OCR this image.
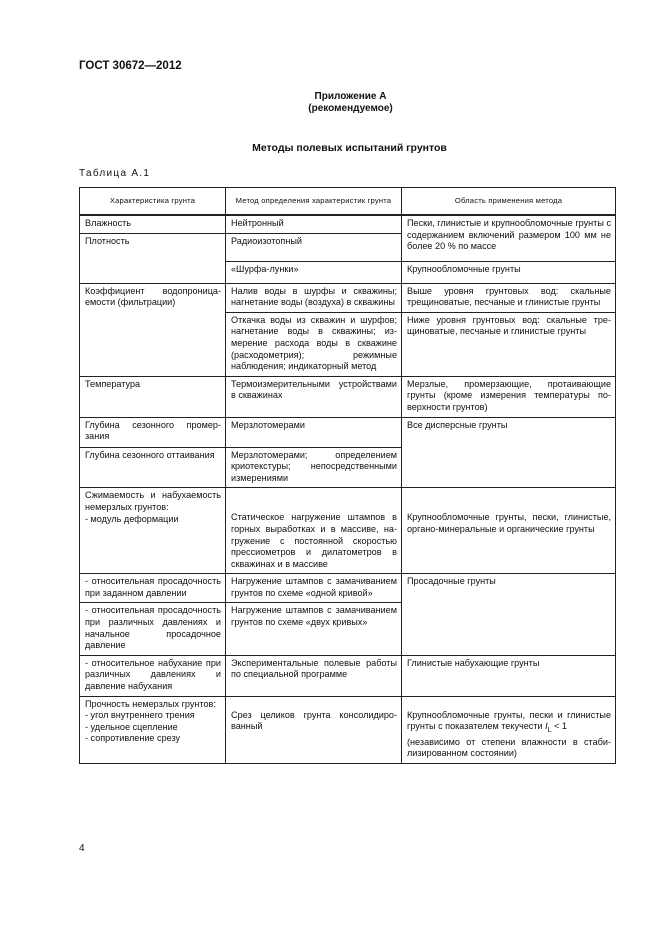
ГОСТ 30672—2012
Приложение А
(рекомендуемое)
Методы полевых испытаний грунтов
Таблица А.1
Характеристика грунта	Метод определения характеристик грунта	Область применения метода
Влажность	Нейтронный	Пески, глинистые и крупнообломочные грунты с содержанием включений размером 100 мм не более 20 % по массе
Плотность	Радиоизотопный	
	«Шурфа-лунки»	Крупнообломочные грунты
Коэффициент водопроницаемости (фильтрации)	Налив воды в шурфы и скважины; нагнетание воды (воздуха) в скважины	Выше уровня грунтовых вод: скальные трещиноватые, песчаные и глинистые грунты
	Откачка воды из скважин и шурфов; нагнетание воды в скважины; измерение расхода воды в скважине (расходометрия); режимные наблюдения; индикаторный метод	Ниже уровня грунтовых вод: скальные трещиноватые, песчаные и глинистые грунты
Температура	Термоизмерительными устройствами в скважинах	Мерзлые, промерзающие, протаивающие грунты (кроме измерения температуры поверхности грунтов)
Глубина сезонного промерзания	Мерзлотомерами	Все дисперсные грунты
Глубина сезонного оттаивания	Мерзлотомерами; определением криотекстуры; непосредственными измерениями	

Сжимаемость и набухаемость немерзлых грунтов:
- модуль деформации	Статическое нагружение штампов в горных выработках и в массиве, нагружение с постоянной скоростью прессиометров и дилатометров в скважинах и в массиве	Крупнообломочные грунты, пески, глинистые, органо-минеральные и органические грунты

- относительная просадочность при заданном давлении	Нагружение штампов с замачиванием грунтов по схеме «одной кривой»	Просадочные грунты
- относительная просадочность при различных давлениях и начальное просадочное давление	Нагружение штампов с замачиванием грунтов по схеме «двух кривых»	
- относительное набухание при различных давлениях и давление набухания	Экспериментальные полевые работы по специальной программе	Глинистые набухающие грунты

Прочность немерзлых грунтов:
- угол внутреннего трения
- удельное сцепление
- сопротивление срезу	Срез целиков грунта консолидированный	Крупнообломочные грунты, пески и глинистые грунты с показателем текучести $I_L < 1$
(независимо от степени влажности в стабилизированном состоянии)
4
